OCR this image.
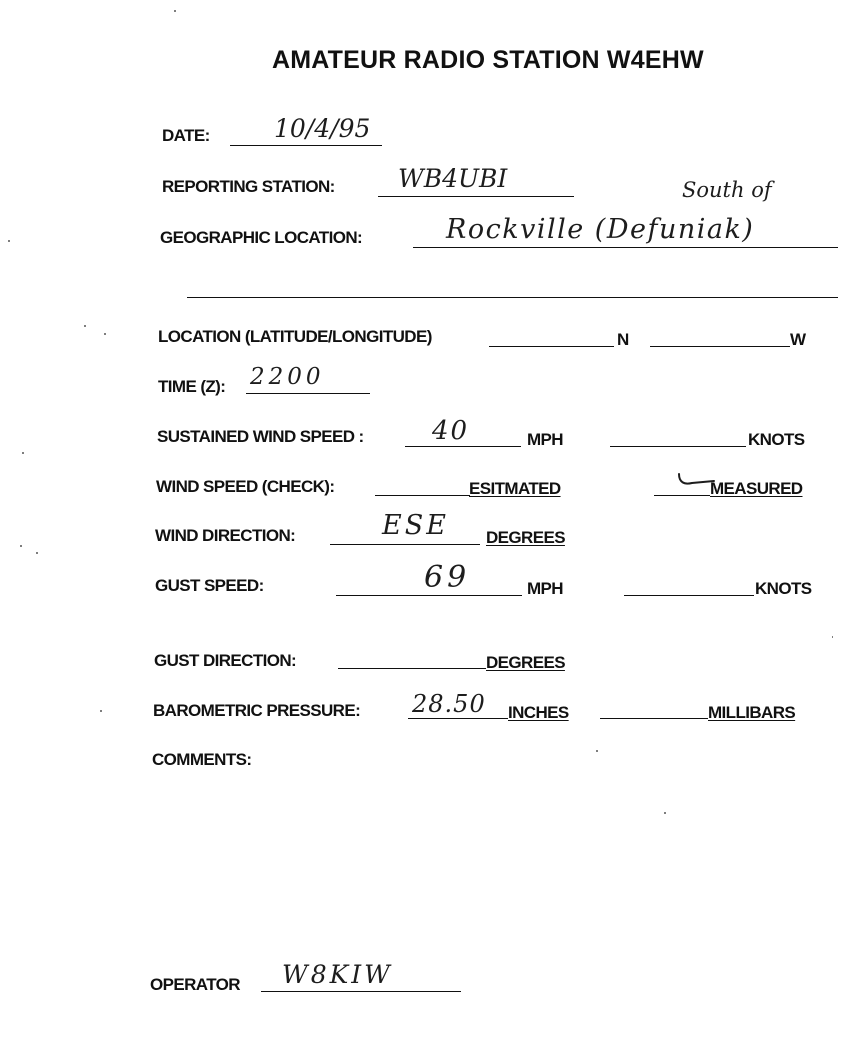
AMATEUR RADIO STATION W4EHW
DATE:	10/4/95
REPORTING STATION:	WB4UBI	South of
GEOGRAPHIC LOCATION:	Rockville (Defuniak)
LOCATION (LATITUDE/LONGITUDE)	N	W
TIME (Z): 2200
SUSTAINED WIND SPEED :	40	MPH	KNOTS
WIND SPEED (CHECK):	ESITMATED	MEASURED
WIND DIRECTION:	ESE DEGREES
GUST SPEED:	69	MPH	KNOTS
GUST DIRECTION:	DEGREES
BAROMETRIC PRESSURE: 28.50 INCHES	MILLIBARS
COMMENTS:
OPERATOR W8KIW
